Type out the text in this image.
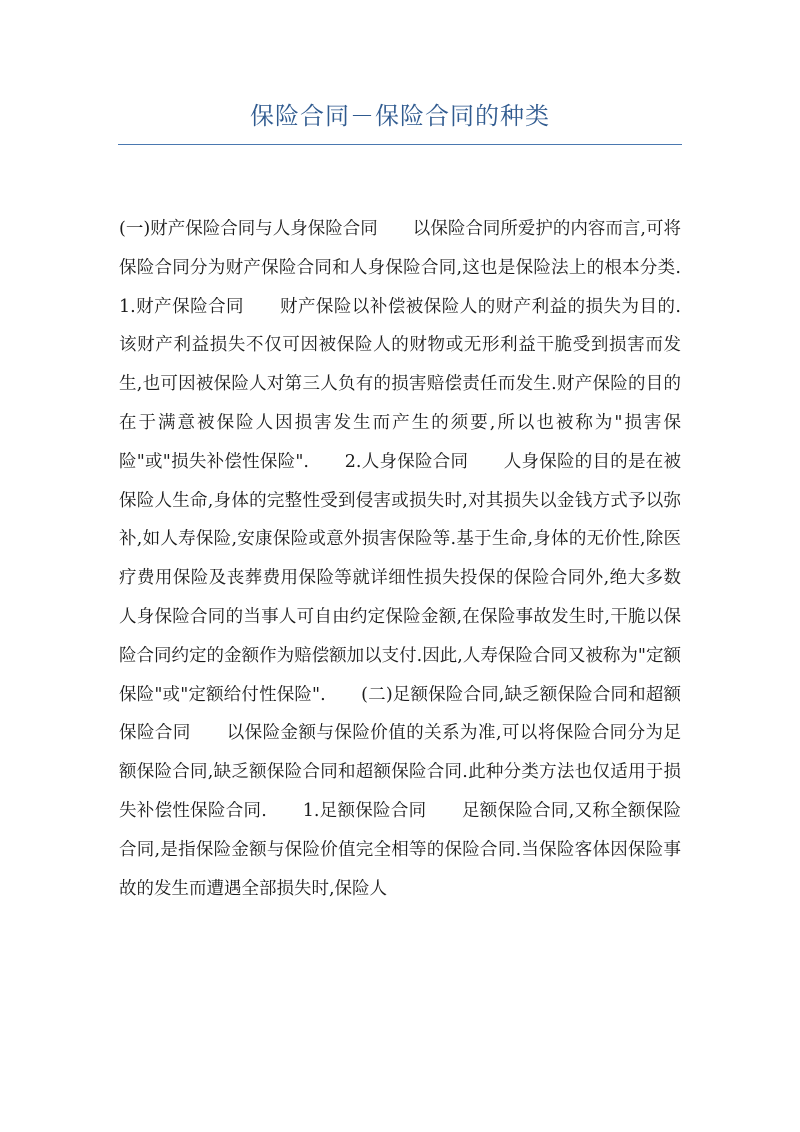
保险合同－保险合同的种类

(一)财产保险合同与人身保险合同　　以保险合同所爱护的内容而言,可将保险合同分为财产保险合同和人身保险合同,这也是保险法上的根本分类.　　1.财产保险合同　　财产保险以补偿被保险人的财产利益的损失为目的.该财产利益损失不仅可因被保险人的财物或无形利益干脆受到损害而发生,也可因被保险人对第三人负有的损害赔偿责任而发生.财产保险的目的在于满意被保险人因损害发生而产生的须要,所以也被称为"损害保险"或"损失补偿性保险".　　2.人身保险合同　　人身保险的目的是在被保险人生命,身体的完整性受到侵害或损失时,对其损失以金钱方式予以弥补,如人寿保险,安康保险或意外损害保险等.基于生命,身体的无价性,除医疗费用保险及丧葬费用保险等就详细性损失投保的保险合同外,绝大多数人身保险合同的当事人可自由约定保险金额,在保险事故发生时,干脆以保险合同约定的金额作为赔偿额加以支付.因此,人寿保险合同又被称为"定额保险"或"定额给付性保险".　　(二)足额保险合同,缺乏额保险合同和超额保险合同　　以保险金额与保险价值的关系为准,可以将保险合同分为足额保险合同,缺乏额保险合同和超额保险合同.此种分类方法也仅适用于损失补偿性保险合同.　　1.足额保险合同　　足额保险合同,又称全额保险合同,是指保险金额与保险价值完全相等的保险合同.当保险客体因保险事故的发生而遭遇全部损失时,保险人
